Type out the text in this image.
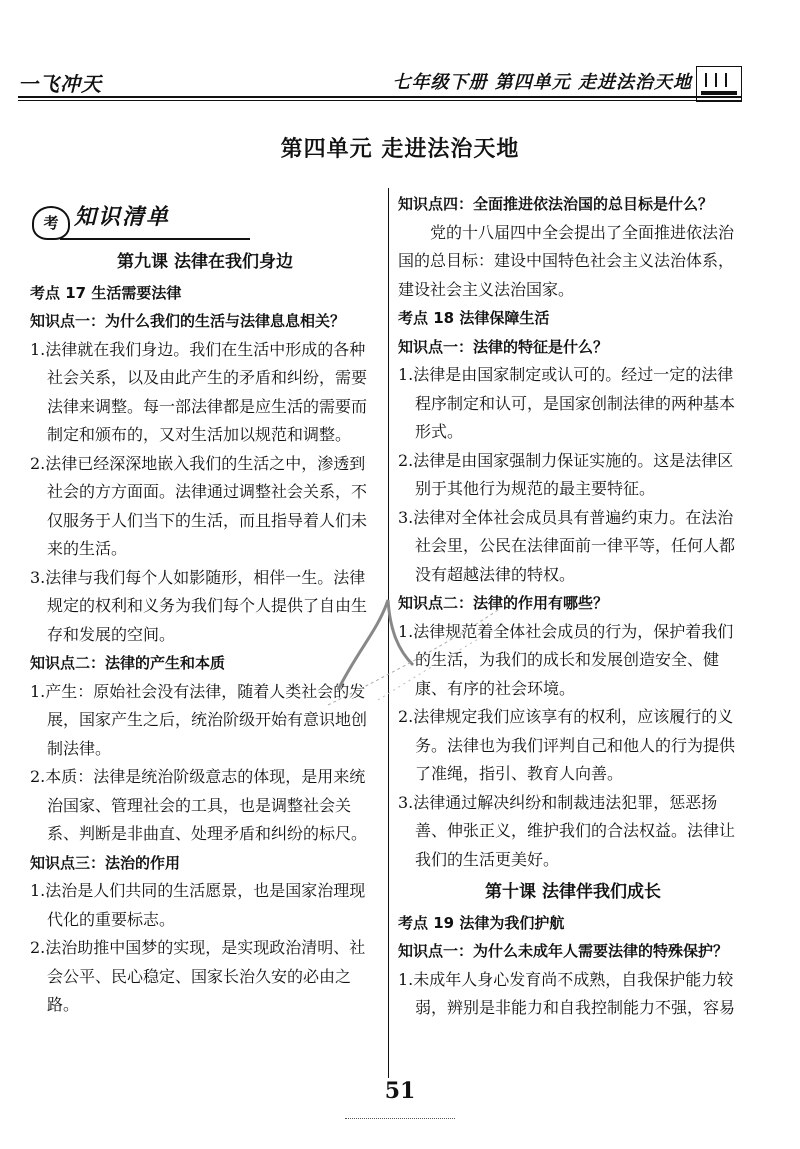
一飞冲天	七年级下册 第四单元 走进法治天地
第四单元 走进法治天地
考 知识清单
第九课 法律在我们身边
考点 17 生活需要法律
知识点一：为什么我们的生活与法律息息相关？
1.法律就在我们身边。我们在生活中形成的各种社会关系，以及由此产生的矛盾和纠纷，需要法律来调整。每一部法律都是应生活的需要而制定和颁布的，又对生活加以规范和调整。
2.法律已经深深地嵌入我们的生活之中，渗透到社会的方方面面。法律通过调整社会关系，不仅服务于人们当下的生活，而且指导着人们未来的生活。
3.法律与我们每个人如影随形，相伴一生。法律规定的权利和义务为我们每个人提供了自由生存和发展的空间。
知识点二：法律的产生和本质
1.产生：原始社会没有法律，随着人类社会的发展，国家产生之后，统治阶级开始有意识地创制法律。
2.本质：法律是统治阶级意志的体现，是用来统治国家、管理社会的工具，也是调整社会关系、判断是非曲直、处理矛盾和纠纷的标尺。
知识点三：法治的作用
1.法治是人们共同的生活愿景，也是国家治理现代化的重要标志。
2.法治助推中国梦的实现，是实现政治清明、社会公平、民心稳定、国家长治久安的必由之路。
知识点四：全面推进依法治国的总目标是什么？
党的十八届四中全会提出了全面推进依法治国的总目标：建设中国特色社会主义法治体系，建设社会主义法治国家。
考点 18 法律保障生活
知识点一：法律的特征是什么？
1.法律是由国家制定或认可的。经过一定的法律程序制定和认可，是国家创制法律的两种基本形式。
2.法律是由国家强制力保证实施的。这是法律区别于其他行为规范的最主要特征。
3.法律对全体社会成员具有普遍约束力。在法治社会里，公民在法律面前一律平等，任何人都没有超越法律的特权。
知识点二：法律的作用有哪些？
1.法律规范着全体社会成员的行为，保护着我们的生活，为我们的成长和发展创造安全、健康、有序的社会环境。
2.法律规定我们应该享有的权利，应该履行的义务。法律也为我们评判自己和他人的行为提供了准绳，指引、教育人向善。
3.法律通过解决纠纷和制裁违法犯罪，惩恶扬善、伸张正义，维护我们的合法权益。法律让我们的生活更美好。
第十课 法律伴我们成长
考点 19 法律为我们护航
知识点一：为什么未成年人需要法律的特殊保护？
1.未成年人身心发育尚不成熟，自我保护能力较弱，辨别是非能力和自我控制能力不强，容易
51
